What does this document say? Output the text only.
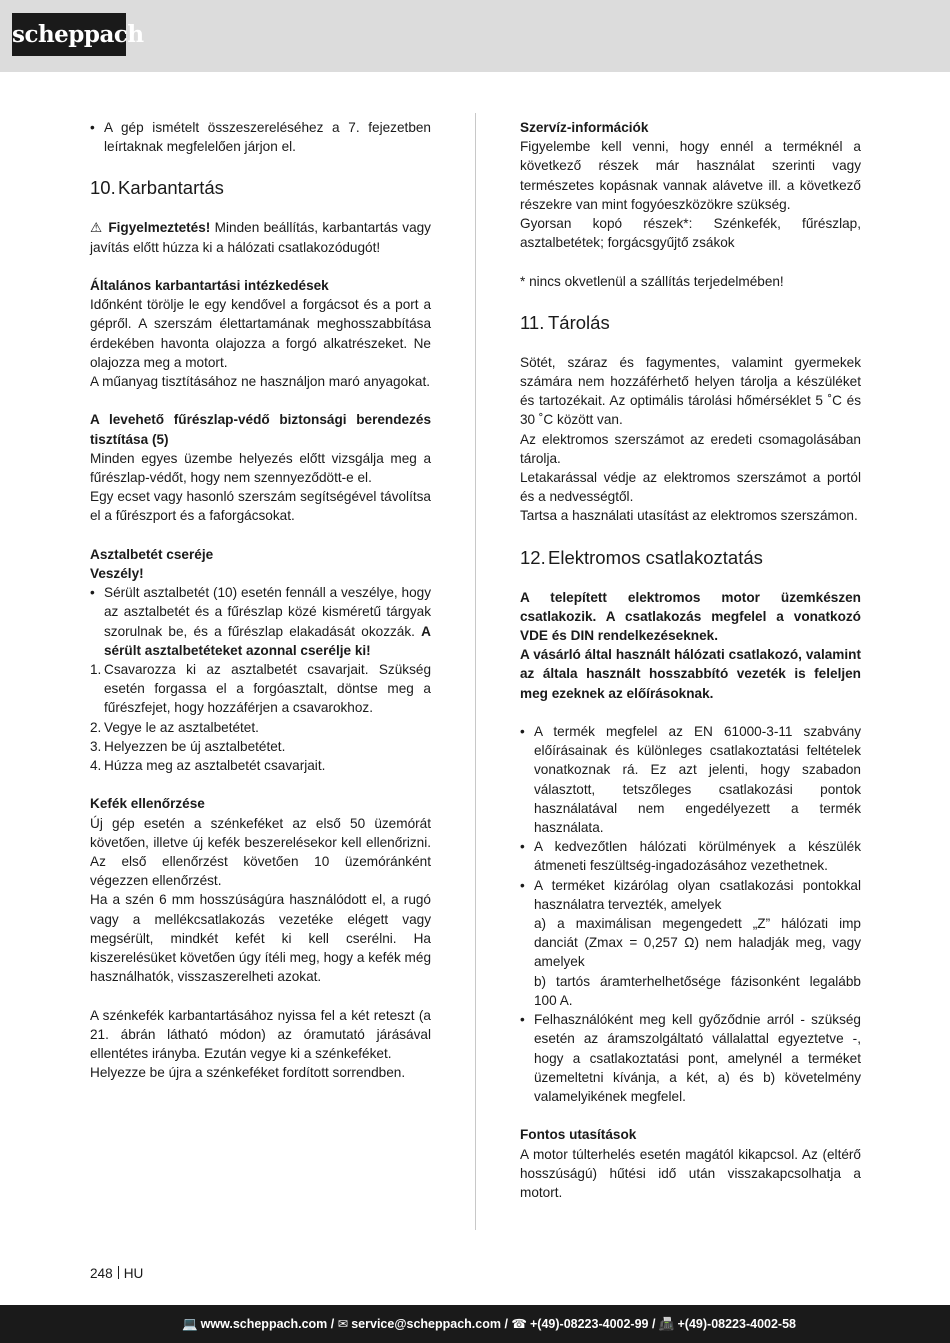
scheppach
• A gép ismételt összeszereléséhez a 7. fejezetben leírtaknak megfelelően járjon el.
10. Karbantartás
⚠ Figyelmeztetés! Minden beállítás, karbantartás vagy javítás előtt húzza ki a hálózati csatlakozódugót!
Általános karbantartási intézkedések
Időnként törölje le egy kendővel a forgácsot és a port a gépről. A szerszám élettartamának meghosszabbítása érdekében havonta olajozza a forgó alkatrészeket. Ne olajozza meg a motort.
A műanyag tisztításához ne használjon maró anyagokat.
A levehető fűrészlap-védő biztonsági berendezés tisztítása (5)
Minden egyes üzembe helyezés előtt vizsgálja meg a fűrészlap-védőt, hogy nem szennyeződött-e el.
Egy ecset vagy hasonló szerszám segítségével távolítsa el a fűrészport és a faforgácsokat.
Asztalbetét cseréje
Veszély!
• Sérült asztalbetét (10) esetén fennáll a veszélye, hogy az asztalbetét és a fűrészlap közé kisméretű tárgyak szorulnak be, és a fűrészlap elakadását okozzák. A sérült asztalbetéteket azonnal cserélje ki!
1. Csavarozza ki az asztalbetét csavarjait. Szükség esetén forgassa el a forgóasztalt, döntse meg a fűrészfejet, hogy hozzáférjen a csavarokhoz.
2. Vegye le az asztalbetétet.
3. Helyezzen be új asztalbetétet.
4. Húzza meg az asztalbetét csavarjait.
Kefék ellenőrzése
Új gép esetén a szénkeféket az első 50 üzemórát követően, illetve új kefék beszerelésekor kell ellenőrizni. Az első ellenőrzést követően 10 üzemóránként végezzen ellenőrzést.
Ha a szén 6 mm hosszúságúra használódott el, a rugó vagy a mellékcsatlakozás vezetéke elégett vagy megsérült, mindkét kefét ki kell cserélni. Ha kiszerelésüket követően úgy ítéli meg, hogy a kefék még használhatók, visszaszerelheti azokat.
A szénkefék karbantartásához nyissa fel a két reteszt (a 21. ábrán látható módon) az óramutató járásával ellentétes irányba. Ezután vegye ki a szénkeféket.
Helyezze be újra a szénkeféket fordított sorrendben.
Szervíz-információk
Figyelembe kell venni, hogy ennél a terméknél a következő részek már használat szerinti vagy természetes kopásnak vannak alávetve ill. a következő részekre van mint fogyóeszközökre szükség.
Gyorsan kopó részek*: Szénkefék, fűrészlap, asztalbetétek; forgácsgyűjtő zsákok
* nincs okvetlenül a szállítás terjedelmében!
11. Tárolás
Sötét, száraz és fagymentes, valamint gyermekek számára nem hozzáférhető helyen tárolja a készüléket és tartozékait. Az optimális tárolási hőmérséklet 5 ˚C és 30 ˚C között van.
Az elektromos szerszámot az eredeti csomagolásában tárolja.
Letakarással védje az elektromos szerszámot a portól és a nedvességtől.
Tartsa a használati utasítást az elektromos szerszámon.
12. Elektromos csatlakoztatás
A telepített elektromos motor üzemkészen csatlakozik. A csatlakozás megfelel a vonatkozó VDE és DIN rendelkezéseknek.
A vásárló által használt hálózati csatlakozó, valamint az általa használt hosszabbító vezeték is feleljen meg ezeknek az előírásoknak.
• A termék megfelel az EN 61000-3-11 szabvány előírásainak és különleges csatlakoztatási feltételek vonatkoznak rá. Ez azt jelenti, hogy szabadon választott, tetszőleges csatlakozási pontok használatával nem engedélyezett a termék használata.
• A kedvezőtlen hálózati körülmények a készülék átmeneti feszültség-ingadozásához vezethetnek.
• A terméket kizárólag olyan csatlakozási pontokkal használatra tervezték, amelyek
a) a maximálisan megengedett „Z” hálózati imp danciát (Zmax = 0,257 Ω) nem haladják meg, vagy amelyek
b) tartós áramterhelhetősége fázisonként legalább 100 A.
• Felhasználóként meg kell győződnie arról - szükség esetén az áramszolgáltató vállalattal egyeztetve -, hogy a csatlakoztatási pont, amelynél a terméket üzemeltetni kívánja, a két, a) és b) követelmény valamelyikének megfelel.
Fontos utasítások
A motor túlterhelés esetén magától kikapcsol. Az (eltérő hosszúságú) hűtési idő után visszakapcsolhatja a motort.
248 HU
💻 www.scheppach.com / ✉ service@scheppach.com / ☎ +(49)-08223-4002-99 / 📠 +(49)-08223-4002-58
